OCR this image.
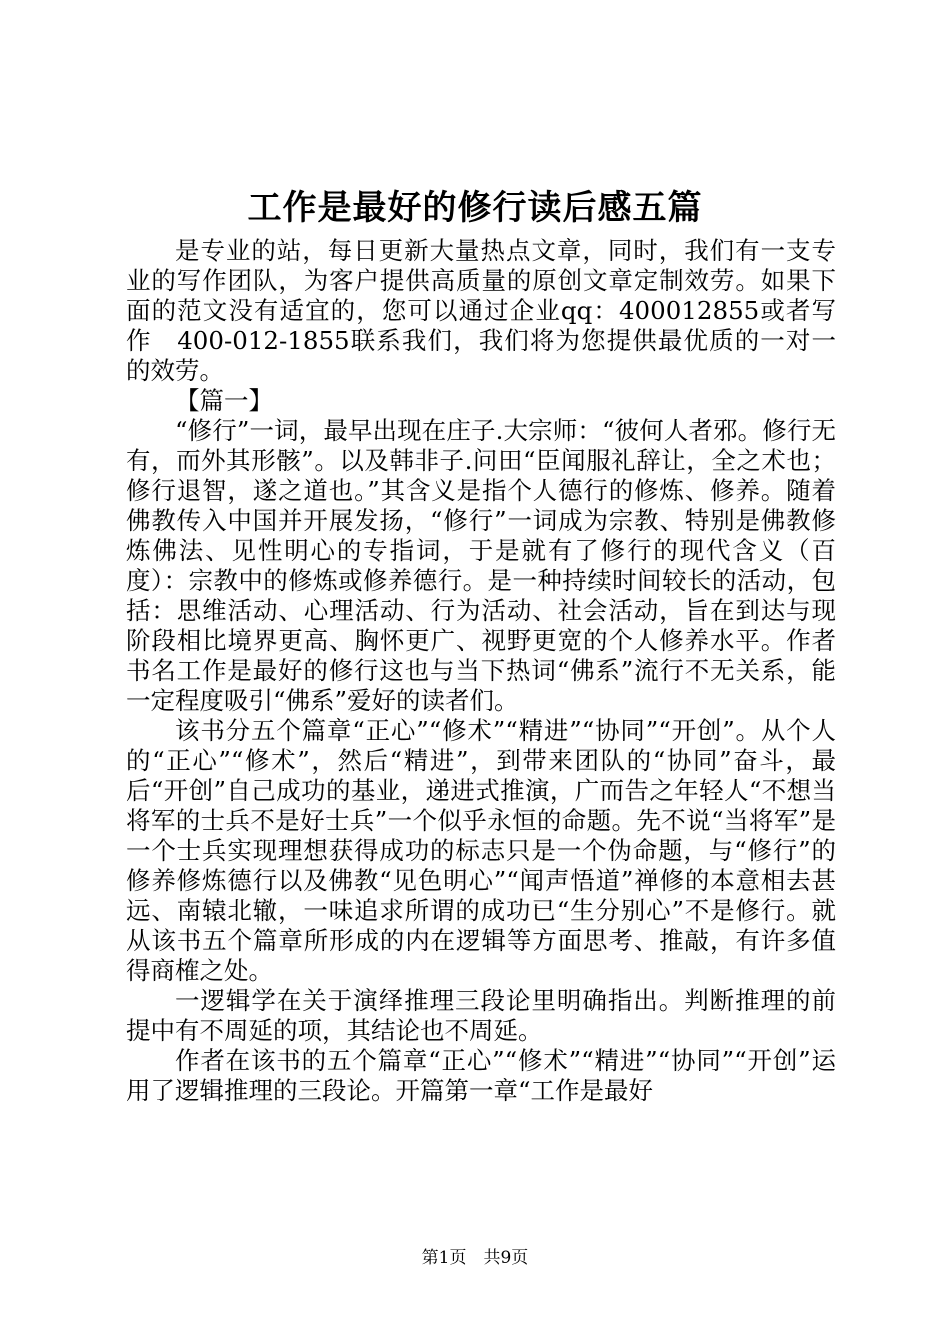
工作是最好的修行读后感五篇

是专业的站，每日更新大量热点文章，同时，我们有一支专业的写作团队，为客户提供高质量的原创文章定制效劳。如果下面的范文没有适宜的，您可以通过企业qq：400012855或者写作　400-012-1855联系我们，我们将为您提供最优质的一对一的效劳。

【篇一】

“修行”一词，最早出现在庄子.大宗师：“彼何人者邪。修行无有，而外其形骸”。以及韩非子.问田“臣闻服礼辞让，全之术也；修行退智，遂之道也。”其含义是指个人德行的修炼、修养。随着佛教传入中国并开展发扬，“修行”一词成为宗教、特别是佛教修炼佛法、见性明心的专指词，于是就有了修行的现代含义（百度）：宗教中的修炼或修养德行。是一种持续时间较长的活动，包括：思维活动、心理活动、行为活动、社会活动，旨在到达与现阶段相比境界更高、胸怀更广、视野更宽的个人修养水平。作者书名工作是最好的修行这也与当下热词“佛系”流行不无关系，能一定程度吸引“佛系”爱好的读者们。

该书分五个篇章“正心”“修术”“精进”“协同”“开创”。从个人的“正心”“修术”，然后“精进”，到带来团队的“协同”奋斗，最后“开创”自己成功的基业，递进式推演，广而告之年轻人“不想当将军的士兵不是好士兵”一个似乎永恒的命题。先不说“当将军”是一个士兵实现理想获得成功的标志只是一个伪命题，与“修行”的修养修炼德行以及佛教“见色明心”“闻声悟道”禅修的本意相去甚远、南辕北辙，一味追求所谓的成功已“生分别心”不是修行。就从该书五个篇章所形成的内在逻辑等方面思考、推敲，有许多值得商榷之处。

一逻辑学在关于演绎推理三段论里明确指出。判断推理的前提中有不周延的项，其结论也不周延。

作者在该书的五个篇章“正心”“修术”“精进”“协同”“开创”运用了逻辑推理的三段论。开篇第一章“工作是最好

第1页　共9页
